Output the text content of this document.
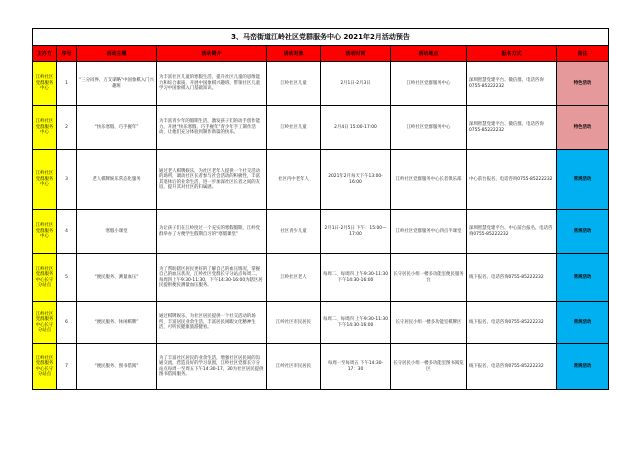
3、马峦街道江岭社区党群服务中心 2021年2月活动预告								
主办方	序号	活动主题	活动简介	活动对象	活动时间	活动地点	报名方式	备注
江岭社区党群服务中心	1	“三分同界、万支谋略”中国象棋入门兴趣班	为丰富社区儿童的寒假生活，提升社区儿童的思维能力和综合素质，开展中国象棋兴趣班，带领社区儿童学习中国象棋入门基础知识。	江岭社区儿童	2月1日-2月3日	江岭社区党群服务中心	深圳智慧党建平台、微信群，电话咨询0755-85222232	特色活动
江岭社区党群服务中心	2	“快乐寒假、巧手握年”	为丰富青少年的假期生活，激发孩子们的动手创作能力，开展“快乐寒假、巧手握年”青少年手工制作活动，让他们充分体验到制作新篇的快乐。	江岭社区儿童	2月4日 15:00-17:00	江岭社区党群服务中心	深圳智慧党建平台、微信群，电话咨询0755-85222232	特色活动
江岭社区党群服务中心	3	老人棋牌娱乐常态化服务	通过老人棋牌娱乐，为社区老年人提供一个社交活动的场所，调动社区长者参与社会活动的积极性，丰富其退休后的业余生活，进一步加深社区长者之间的友谊，提升其对社区的归属感。	社区内中老年人	2021年2月每天下午13:00-16:00	江岭社区党群服务中心长者俱乐部	中心前台报名、电话咨询0755-85222232	常规活动
江岭社区党群服务中心	4	寒假小课堂	为让孩子们在江岭度过一个充实的寒假假期，江岭党群举办了方便学生假期自习的“寒假课堂”	社区青少儿童	2月1日-2月5日 下午：15:00—17:00	江岭社区党群服务中心四点半课堂	深圳智慧党建平台、中心前台报名、电话咨询0755-85222232	常规活动
江岭社区党群服务中心长守分站点	5	“便民服务、测量血压”	为了帮助辖区居民更好的了解自己的血压情况，掌握自己的血压状况，江岭社区党群长守分站点每周二、每周四上午9:30-11:30，下午14:30-16:00为辖区居民提供便民测量血压服务。	江岭社区老人	每周二、每周四 上午9:30-11:30 下午14:30-16:00	长守居民小组一楼多功能室便民服务台	线下报名、电话咨询0755-85222232	常规活动
江岭社区党群服务中心长守分站点	6	“便民服务、休闲棋牌”	通过棋牌娱乐，为社区居民提供一个社交活动的场所，丰富居民业余生活，丰富居民闲暇文化精神生活，可听民健康旅游健看。	江岭社区市民居民	每周二、每周四 上午9:30-11:30 下午14:30-16:00	长守居民小组一楼多功能室棋牌区	线下报名、电话咨询0755-85222232	常规活动
江岭社区党群服务中心长守分站点	7	“便民服务、图书借阅”	为了丰富社区居民的业余生活，增强社区居民间的沟通交流，营造良好的学习氛围，江岭社区党群长守分站点每周一至周五下午14:30-17，30为社区居民提供图书借阅服务。	江岭社区市民居民	每周一至每周五 下午14:30-17：30	长守居民小组一楼多功能室图书阅览区	线下报名、电话咨询0755-85222232	常规活动
